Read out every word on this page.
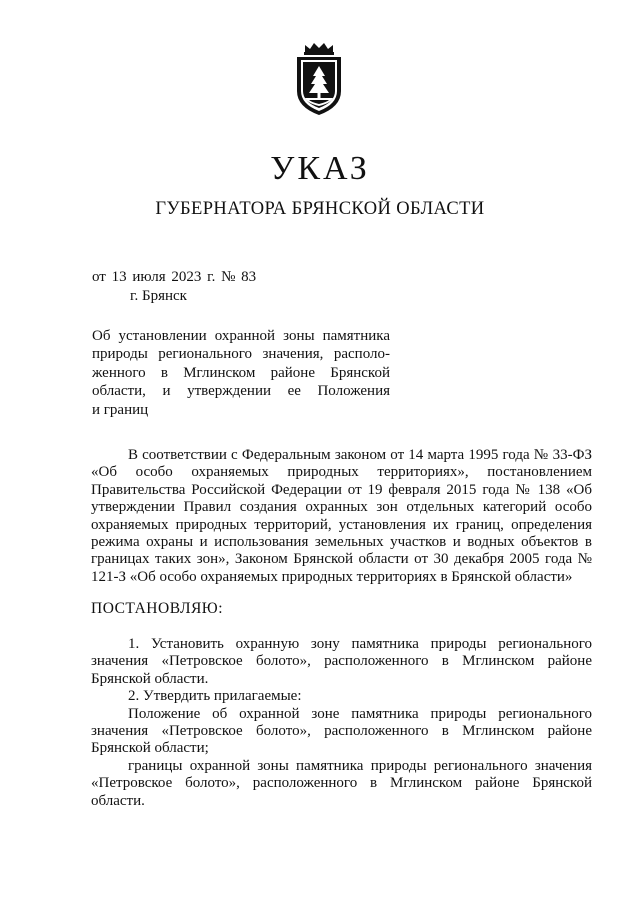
УКАЗ
ГУБЕРНАТОРА БРЯНСКОЙ ОБЛАСТИ
от 13 июля 2023 г. № 83
г. Брянск
Об установлении охранной зоны памятника
природы регионального значения, располо-
женного в Мглинском районе Брянской
области, и утверждении ее Положения
и границ

В соответствии с Федеральным законом от 14 марта 1995 года № 33-ФЗ «Об особо охраняемых природных территориях», постановлением Правительства Российской Федерации от 19 февраля 2015 года № 138 «Об утверждении Правил создания охранных зон отдельных категорий особо охраняемых природных территорий, установления их границ, определения режима охраны и использования земельных участков и водных объектов в границах таких зон», Законом Брянской области от 30 декабря 2005 года № 121-З «Об особо охраняемых природных территориях в Брянской области»

ПОСТАНОВЛЯЮ:

1. Установить охранную зону памятника природы регионального значения «Петровское болото», расположенного в Мглинском районе Брянской области.

2. Утвердить прилагаемые:

Положение об охранной зоне памятника природы регионального значения «Петровское болото», расположенного в Мглинском районе Брянской области;

границы охранной зоны памятника природы регионального значения «Петровское болото», расположенного в Мглинском районе Брянской области.
